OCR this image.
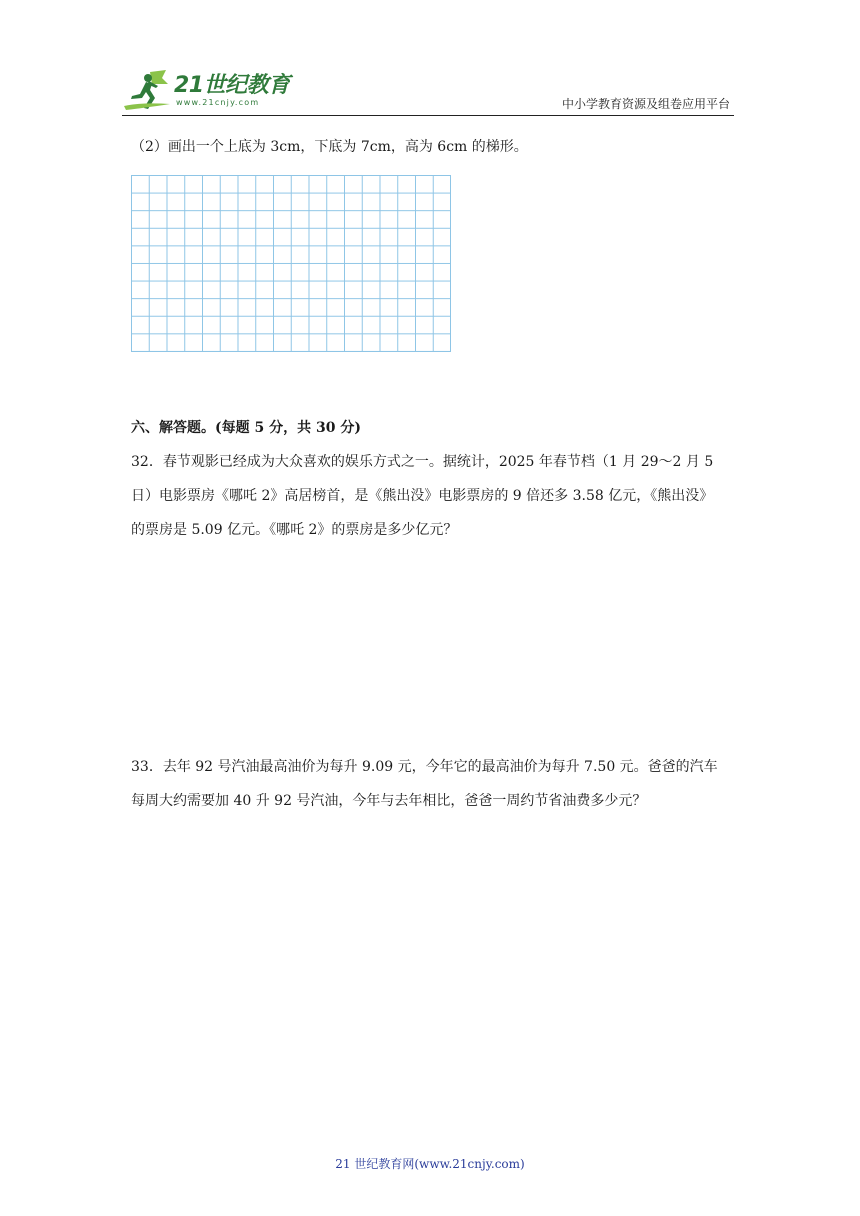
21世纪教育
www.21cnjy.com	中小学教育资源及组卷应用平台
（2）画出一个上底为 3cm，下底为 7cm，高为 6cm 的梯形。
六、解答题。(每题 5 分，共 30 分)
32．春节观影已经成为大众喜欢的娱乐方式之一。据统计，2025 年春节档（1 月 29～2 月 5
日）电影票房《哪吒 2》高居榜首，是《熊出没》电影票房的 9 倍还多 3.58 亿元，《熊出没》
的票房是 5.09 亿元。《哪吒 2》的票房是多少亿元？
33．去年 92 号汽油最高油价为每升 9.09 元，今年它的最高油价为每升 7.50 元。爸爸的汽车
每周大约需要加 40 升 92 号汽油，今年与去年相比，爸爸一周约节省油费多少元？
21 世纪教育网(www.21cnjy.com)
